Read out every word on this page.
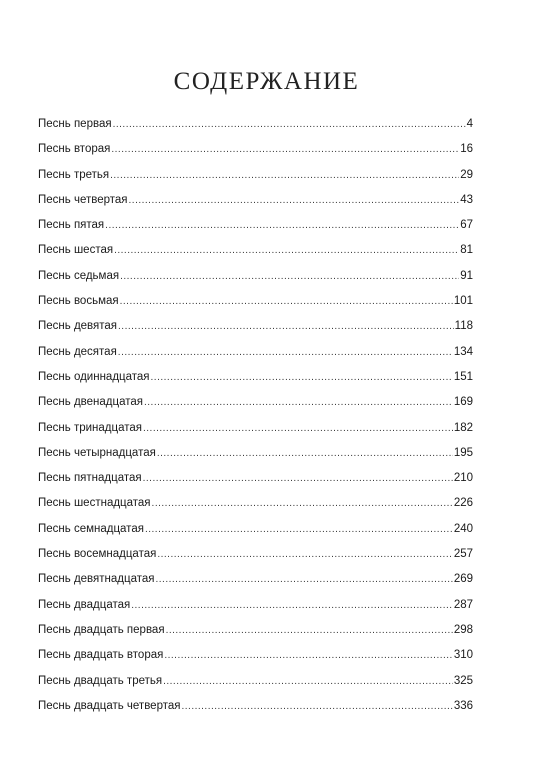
СОДЕРЖАНИЕ
Песнь первая .....	4
Песнь вторая .....	16
Песнь третья .....	29
Песнь четвертая .....	43
Песнь пятая .....	67
Песнь шестая .....	81
Песнь седьмая .....	91
Песнь восьмая .....	101
Песнь девятая .....	118
Песнь десятая .....	134
Песнь одиннадцатая .....	151
Песнь двенадцатая .....	169
Песнь тринадцатая .....	182
Песнь четырнадцатая .....	195
Песнь пятнадцатая .....	210
Песнь шестнадцатая .....	226
Песнь семнадцатая .....	240
Песнь восемнадцатая .....	257
Песнь девятнадцатая .....	269
Песнь двадцатая .....	287
Песнь двадцать первая .....	298
Песнь двадцать вторая .....	310
Песнь двадцать третья .....	325
Песнь двадцать четвертая .....	336
